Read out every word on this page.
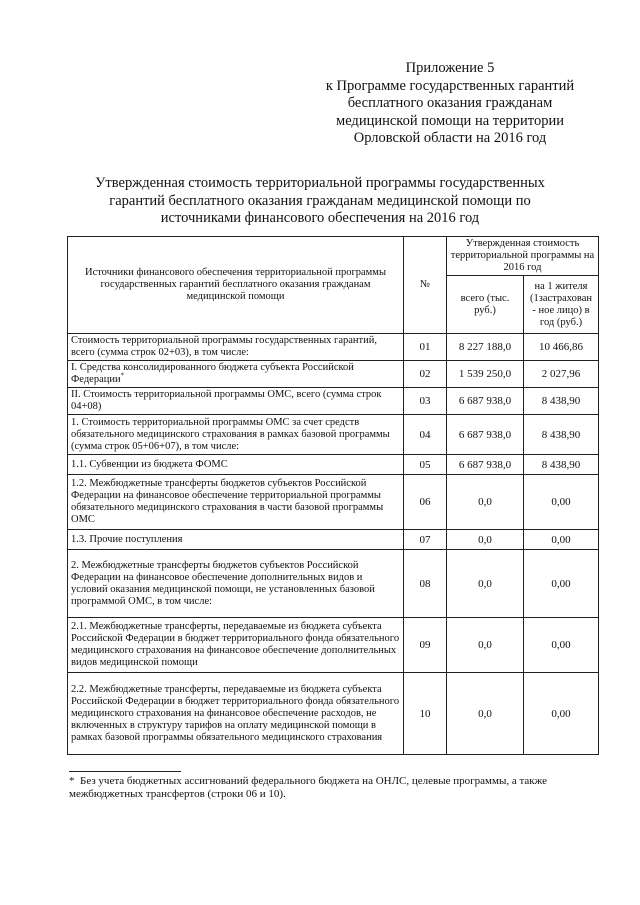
Приложение 5
к Программе государственных гарантий
бесплатного оказания гражданам
медицинской помощи на территории
Орловской области на 2016 год
Утвержденная стоимость территориальной программы государственных
гарантий бесплатного оказания гражданам медицинской помощи по
источниками финансового обеспечения на 2016 год
Источники финансового обеспечения территориальной программы государственных гарантий бесплатного оказания гражданам медицинской помощи	№	Утвержденная стоимость территориальной программы на 2016 год	
		всего (тыс. руб.)	на 1 жителя (1застрахован - ное лицо) в год (руб.)
Стоимость территориальной программы государственных гарантий, всего (сумма строк 02+03), в том числе:	01	8 227 188,0	10 466,86
I. Средства консолидированного бюджета субъекта Российской Федерации*	02	1 539 250,0	2 027,96
II. Стоимость территориальной программы ОМС, всего (сумма строк 04+08)	03	6 687 938,0	8 438,90
1. Стоимость территориальной программы ОМС за счет средств обязательного медицинского страхования в рамках базовой программы (сумма строк 05+06+07), в том числе:	04	6 687 938,0	8 438,90
1.1. Субвенции из бюджета ФОМС	05	6 687 938,0	8 438,90
1.2. Межбюджетные трансферты бюджетов субъектов Российской Федерации на финансовое обеспечение территориальной программы обязательного медицинского страхования в части базовой программы ОМС	06	0,0	0,00
1.3. Прочие поступления	07	0,0	0,00
2. Межбюджетные трансферты бюджетов субъектов Российской Федерации на финансовое обеспечение дополнительных видов и условий оказания медицинской помощи, не установленных базовой программой ОМС, в том числе:	08	0,0	0,00
2.1. Межбюджетные трансферты, передаваемые из бюджета субъекта Российской Федерации в бюджет территориального фонда обязательного медицинского страхования на финансовое обеспечение дополнительных видов медицинской помощи	09	0,0	0,00
2.2. Межбюджетные трансферты, передаваемые из бюджета субъекта Российской Федерации в бюджет территориального фонда обязательного медицинского страхования на финансовое обеспечение расходов, не включенных в структуру тарифов на оплату медицинской помощи в рамках базовой программы обязательного медицинского страхования	10	0,0	0,00
* Без учета бюджетных ассигнований федерального бюджета на ОНЛС, целевые программы, а также межбюджетных трансфертов (строки 06 и 10).
